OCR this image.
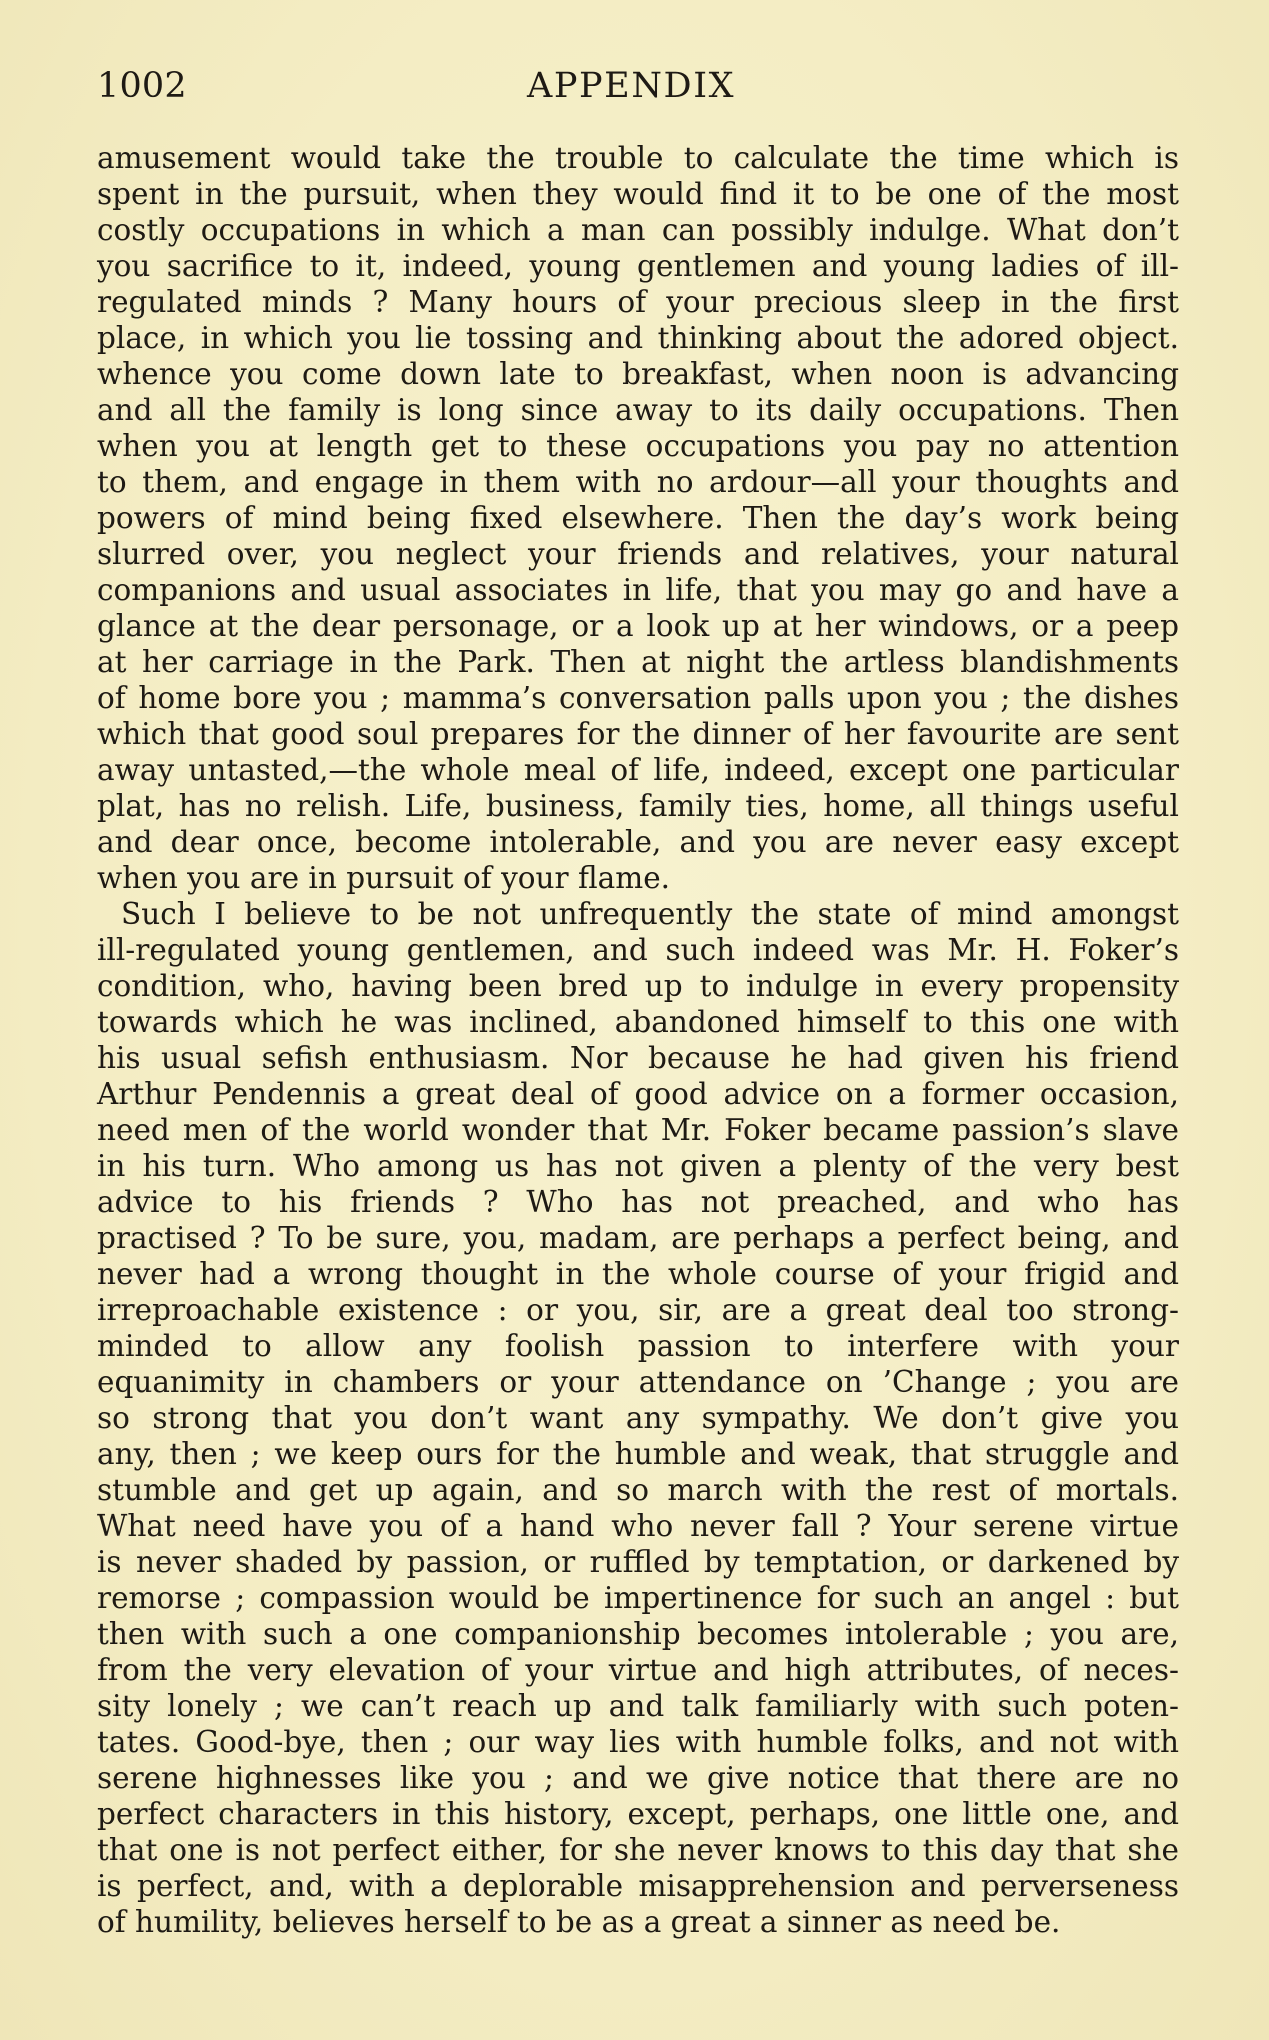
1002	APPENDIX
amusement would take the trouble to calculate the time which is
spent in the pursuit, when they would find it to be one of the most
costly occupations in which a man can possibly indulge. What don’t
you sacrifice to it, indeed, young gentlemen and young ladies of ill-
regulated minds ? Many hours of your precious sleep in the first
place, in which you lie tossing and thinking about the adored object.
whence you come down late to breakfast, when noon is advancing
and all the family is long since away to its daily occupations. Then
when you at length get to these occupations you pay no attention
to them, and engage in them with no ardour—all your thoughts and
powers of mind being fixed elsewhere. Then the day’s work being
slurred over, you neglect your friends and relatives, your natural
companions and usual associates in life, that you may go and have a
glance at the dear personage, or a look up at her windows, or a peep
at her carriage in the Park. Then at night the artless blandishments
of home bore you ; mamma’s conversation palls upon you ; the dishes
which that good soul prepares for the dinner of her favourite are sent
away untasted,—the whole meal of life, indeed, except one particular
plat, has no relish. Life, business, family ties, home, all things useful
and dear once, become intolerable, and you are never easy except
when you are in pursuit of your flame.
Such I believe to be not unfrequently the state of mind amongst
ill-regulated young gentlemen, and such indeed was Mr. H. Foker’s
condition, who, having been bred up to indulge in every propensity
towards which he was inclined, abandoned himself to this one with
his usual sefish enthusiasm. Nor because he had given his friend
Arthur Pendennis a great deal of good advice on a former occasion,
need men of the world wonder that Mr. Foker became passion’s slave
in his turn. Who among us has not given a plenty of the very best
advice to his friends ? Who has not preached, and who has
practised ? To be sure, you, madam, are perhaps a perfect being, and
never had a wrong thought in the whole course of your frigid and
irreproachable existence : or you, sir, are a great deal too strong-
minded to allow any foolish passion to interfere with your
equanimity in chambers or your attendance on ’Change ; you are
so strong that you don’t want any sympathy. We don’t give you
any, then ; we keep ours for the humble and weak, that struggle and
stumble and get up again, and so march with the rest of mortals.
What need have you of a hand who never fall ? Your serene virtue
is never shaded by passion, or ruffled by temptation, or darkened by
remorse ; compassion would be impertinence for such an angel : but
then with such a one companionship becomes intolerable ; you are,
from the very elevation of your virtue and high attributes, of neces-
sity lonely ; we can’t reach up and talk familiarly with such poten-
tates. Good-bye, then ; our way lies with humble folks, and not with
serene highnesses like you ; and we give notice that there are no
perfect characters in this history, except, perhaps, one little one, and
that one is not perfect either, for she never knows to this day that she
is perfect, and, with a deplorable misapprehension and perverseness
of humility, believes herself to be as a great a sinner as need be.
